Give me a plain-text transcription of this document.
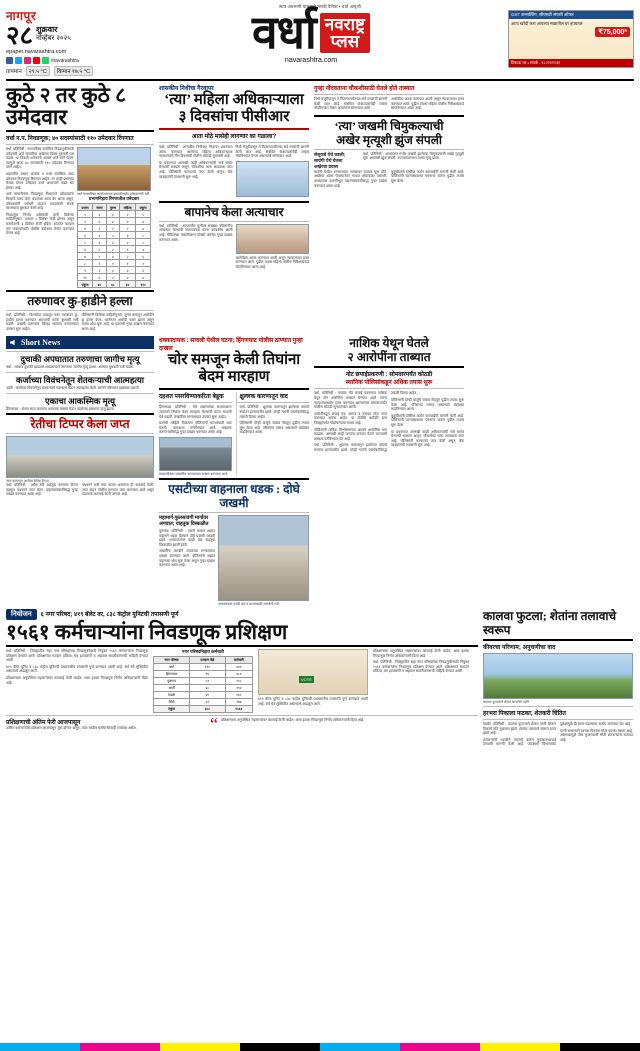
सत्य अग्रभागी चालणारे मराठी दैनिक • वर्धा आवृत्ती
नागपूर
२८ शुक्रवार
नोव्हेंबर २०२५
epaper.navarashtra.com
/navarashtra
तापमान	२९.५ °C	किमान १७.५ °C
वर्धा नवराष्ट्र
प्लस
navarashtra.com
GST कन्सल्टिंग, सीएसटी संपत्ती ऑफर
आता खरेदी करा आपल्या स्वप्नातील घर हप्त्यावर
₹75,000*
टिकाऊ घर • संपर्क : ९८२२१२२३१
कुठे २ तर कुठे ८ उमेदवार
वर्धा न.प. निवडणूक; ४० सदस्यांसाठी ११० उमेदवार रिंगणात

वर्धा, प्रतिनिधी : नगरपरिषद सार्वत्रिक निवडणुकीसाठी उमेदवारी अर्ज माघारीचा अखेरचा दिवस गुरुवारी पार पडला. या दिवशी अनेकांनी आपले अर्ज मागे घेतले. त्यामुळे आता ४० जागांसाठी ११० उमेदवार रिंगणात उरले आहेत.

शहरातील प्रभाग क्रमांक ४ मध्ये सर्वाधिक आठ उमेदवार निवडणूक रिंगणात आहेत. तर काही प्रभागांत केवळ दोनच उमेदवार उरले असल्याने लढत थेट होणार आहे.

अर्ज माघारीनंतर निवडणूक विभागाने उमेदवारांना चिन्हांचे वाटप केले. प्रचाराला आता वेग आला असून, उमेदवारांनी घरोघरी जाऊन मतदारांशी संपर्क साधण्यास सुरुवात केली आहे.

निवडणूक निर्णय अधिकारी यांनी दिलेल्या माहितीनुसार, मतदान २ डिसेंबर रोजी होणार असून मतमोजणी ३ डिसेंबर रोजी होईल. शांततेत मतदान पार पाडण्यासाठी पोलीस बंदोबस्त तैनात करण्यात येणार आहे.

वर्धा नगरपरिषद कार्यालयाच्या इमारतीसमोर उमेदवारांची गर्दी.
प्रभागनिहाय रिंगणातील उमेदवार
प्रभाग	जागा	पुरुष	महिला	एकूण
१	२	३	२	५
२	२	४	२	६
३	२	२	२	४
४	२	५	३	८
५	२	३	२	५
६	२	२	१	३
७	२	४	२	६
८	२	१	१	२
९	२	३	३	६
१०	२	२	२	४
एकूण	४०	६८	४२	११०
तरुणावर कु-हाडीने हल्ला

वर्धा, प्रतिनिधी : किरकोळ वादातून एका तरुणावर कु-हाडीने हल्ला करण्यात आल्याची घटना बुधवारी रात्री घडली. जखमी तरुणावर जिल्हा सामान्य रुग्णालयात उपचार सुरू आहेत.

पोलिसांनी दिलेल्या माहितीनुसार, जुन्या वादातून आरोपीने हा हल्ला केला. घटनेनंतर आरोपी फरार झाला असून त्याचा शोध सुरू आहे. या प्रकरणी गुन्हा दाखल करण्यात आला आहे.

शासकीय निधीचा गैरवापर
‘त्या’ महिला अधिकाऱ्याला ३ दिवसांचा पीसीआर
आता मोठे मासेही लागणार का गळाला?

वर्धा, प्रतिनिधी : शासकीय निधीच्या गैरवापर प्रकरणात अटक करण्यात आलेल्या महिला अधिकाऱ्याला न्यायालयाने तीन दिवसांची पोलीस कोठडी सुनावली आहे.

या प्रकरणात आणखी काही अधिकाऱ्यांची नावे समोर येण्याची शक्यता असून, चौकशीचा फास आवळला जात आहे. पोलिसांनी कागदपत्रे जप्त केली असून, बँक व्यवहारांची तपासणी सुरू आहे.

निधी मंजुरीपासून ते वितरणापर्यंतच्या सर्व टप्प्यांची छाननी केली जात आहे. संबंधित कंत्राटदारांचेही जबाब नोंदविण्यात येणार असल्याचे सांगण्यात आले.

बापानेच केला अत्याचार

वर्धा, प्रतिनिधी : अल्पवयीन मुलीवर सख्ख्या वडिलांनीच अत्याचार केल्याची संतापजनक घटना उघडकीस आली आहे. पीडितेच्या तक्रारीवरून पोक्सो अंतर्गत गुन्हा दाखल करण्यात आला.

आरोपीला अटक करण्यात आली असून न्यायालयात हजर करण्यात आले. पुढील तपास महिला पोलीस निरीक्षकांकडे सोपविण्यात आला आहे.

गुन्हा नोंदवताना चौकशीसाठी घेतले होते ताब्यात

निधी मंजुरीपासून ते वितरणापर्यंतच्या सर्व टप्प्यांची छाननी केली जात आहे. संबंधित कंत्राटदारांचेही जबाब नोंदविण्यात येणार असल्याचे सांगण्यात आले.

आरोपीला अटक करण्यात आली असून न्यायालयात हजर करण्यात आले. पुढील तपास महिला पोलीस निरीक्षकांकडे सोपविण्यात आला आहे.

‘त्या’ जखमी चिमुकल्याची
अखेर मृत्यूशी झुंज संपली
सेलूकडे येथे घडली;
सावंगी येथे घेतला
अखेरचा प्रवास

वर्धा, प्रतिनिधी : अपघातात गंभीर जखमी झालेल्या चिमुकल्याची अखेर मृत्यूशी सुरू असलेली झुंज संपली. उपचारादरम्यान त्याचा मृत्यू झाला.

सावंगी येथील रुग्णालयात त्याच्यावर उपचार सुरू होते. अखेरचा श्वास घेतल्यानंतर गावात शोककळा पसरली. अपघातास कारणीभूत वाहनचालकाविरुद्ध गुन्हा दाखल करण्यात आला आहे.

कुटुंबीयांनी दोषींवर कठोर कारवाईची मागणी केली आहे. पोलिसांनी घटनास्थळाचा पंचनामा करून पुढील तपास सुरू केला.

Short News
दुचाकी अपघातात तरुणाचा जागीच मृत्यू

वर्धा : भरधाव दुचाकी झाडावर आदळल्याने तरुणाचा जागीच मृत्यू झाला. अपघात बुधवारी रात्री घडला.

कर्जाच्या विवंचनेतून शेतकऱ्याची आत्महत्या

आर्वी : कर्जाच्या विवंचनेतून शेतकऱ्याने गळफास घेऊन आत्महत्या केली. घटनेने परिसरात खळबळ उडाली.

एकाचा आकस्मिक मृत्यू

हिंगणघाट : शेतात काम करताना अचानक चक्कर येऊन पडलेल्या इसमाचा मृत्यू झाला.

रेतीचा टिप्पर केला जप्त
जप्त करण्यात आलेला रेतीचा टिप्पर.

वर्धा, प्रतिनिधी : अवैध रेती वाहतूक करणारा टिप्पर महसूल पथकाने जप्त केला. वाहनचालकाविरुद्ध गुन्हा दाखल करण्यात आला आहे.

पथकाने रात्री गस्त घालत असताना ही कारवाई केली. जप्त वाहन पोलीस ठाण्यात जमा करण्यात आले असून दंडात्मक कारवाई केली जाणार आहे.

धक्कादायक : सावली येथील घटना; हिंगणघाट पोलीस ठाण्यात गुन्हा दाखल
चोर समजून केली तिघांना बेदम मारहाण
दहशत पसरविण्याकरिता बेडूक

हिंगणघाट, प्रतिनिधी : चोर असल्याच्या संशयावरून जमावाने तिघांना बेदम मारहाण केल्याची घटना सावली येथे घडली. जखमींवर रुग्णालयात उपचार सुरू आहेत.

घटनेची माहिती मिळताच पोलिसांनी घटनास्थळी धाव घेतली. जमावाला पांगविण्यात आले. मारहाण करणाऱ्यांविरुद्ध गुन्हा दाखल करण्यात आला आहे.

मारहाणीनंतर जखमींना रुग्णालयात दाखल करण्यात आले.
क्षुल्लक कारणातून वाद

वर्धा, प्रतिनिधी : क्षुल्लक कारणातून झालेल्या वादाचे रूपांतर हाणामारीत झाले. दोन्ही गटांनी एकमेकांविरुद्ध तक्रारी दिल्या आहेत.

पोलिसांनी दोन्ही बाजूंचे जबाब नोंदवून पुढील तपास सुरू केला आहे. परिसरात तणाव असल्याने बंदोबस्त वाढविण्यात आला.

एसटीच्या वाहनाला धडक : दोघे जखमी
महामार्ग-फुलसावंगी मार्गावर अपघात; वाहतूक विस्कळीत

पुलगाव, प्रतिनिधी : एसटी बसला अज्ञात वाहनाने धडक दिल्याने दोघे प्रवासी जखमी झाले. अपघातानंतर काही वेळ वाहतूक विस्कळीत झाली होती.

जखमींना तातडीने जवळच्या रुग्णालयात दाखल करण्यात आले. पोलिसांनी अज्ञात वाहनाचा शोध सुरू केला असून गुन्हा दाखल करण्यात आला आहे.

अपघातग्रस्त एसटी बस व घटनास्थळी जमलेली गर्दी.
नाशिक येथून घेतले
२ आरोपींना ताब्यात
नोट छपाईप्रकरणी : सोमवारपर्यंत कोठडी
स्थानिक पोलिसांकडून अधिक तपास सुरू

वर्धा, प्रतिनिधी : बनावट नोट छपाई प्रकरणात नाशिक येथून दोन आरोपींना ताब्यात घेण्यात आले. त्यांना न्यायालयासमोर हजर करण्यात आल्यानंतर सोमवारपर्यंत पोलीस कोठडी सुनावण्यात आली.

आरोपींकडून छपाई यंत्र, कागद व बनावट नोटा जप्त करण्यात आल्या आहेत. या टोळीचे धागेदोरे इतर जिल्ह्यांपर्यंत पोहोचल्याचा संशय आहे.

पोलिसांनी तांत्रिक विश्लेषणाच्या आधारे आरोपींचा माग काढला. आणखी काही जणांना ताब्यात घेतले जाण्याची शक्यता वर्तविण्यात येत आहे.

वर्धा, प्रतिनिधी : क्षुल्लक कारणातून झालेल्या वादाचे रूपांतर हाणामारीत झाले. दोन्ही गटांनी एकमेकांविरुद्ध तक्रारी दिल्या आहेत.

पोलिसांनी दोन्ही बाजूंचे जबाब नोंदवून पुढील तपास सुरू केला आहे. परिसरात तणाव असल्याने बंदोबस्त वाढविण्यात आला.

कुटुंबीयांनी दोषींवर कठोर कारवाईची मागणी केली आहे. पोलिसांनी घटनास्थळाचा पंचनामा करून पुढील तपास सुरू केला.

या प्रकरणात आणखी काही अधिकाऱ्यांची नावे समोर येण्याची शक्यता असून, चौकशीचा फास आवळला जात आहे. पोलिसांनी कागदपत्रे जप्त केली असून, बँक व्यवहारांची तपासणी सुरू आहे.

नियोजन	६ नगर परिषद; ४१९ बॅलेट वर, ८३८ कंट्रोल युनिटची तपासणी पूर्ण
१५६१ कर्मचाऱ्यांना निवडणूक प्रशिक्षण

वर्धा, प्रतिनिधी : जिल्ह्यातील सहा नगर परिषदांच्या निवडणुकीसाठी नियुक्त १५६१ कर्मचाऱ्यांना निवडणूक प्रशिक्षण देण्यात आले. प्रशिक्षणात मतदान प्रक्रिया, यंत्र हाताळणी व अहवाल सादरीकरणाची माहिती देण्यात आली.

४१९ बॅलेट युनिट व ८३८ कंट्रोल युनिटची प्रथमस्तरीय तपासणी पूर्ण करण्यात आली आहे. सर्व यंत्रे सुस्थितीत असल्याचे आढळून आले.

प्रशिक्षणाला अनुपस्थित राहणाऱ्यांवर कारवाई केली जाईल, असा इशारा निवडणूक निर्णय अधिकाऱ्यांनी दिला आहे.

नगर परिषदनिहाय कर्मचारी
नगर परिषद	मतदान केंद्रे	कर्मचारी
वर्धा	११०	४४०
हिंगणघाट	९६	३८४
पुलगाव	५२	२०८
आर्वी	४८	१९२
देवळी	४०	१६०
सिंदी	४२	१७७
एकूण	३८८	१५६१
VOTE

४१९ बॅलेट युनिट व ८३८ कंट्रोल युनिटची प्रथमस्तरीय तपासणी पूर्ण करण्यात आली आहे. सर्व यंत्रे सुस्थितीत असल्याचे आढळून आले.

प्रशिक्षणाला अनुपस्थित राहणाऱ्यांवर कारवाई केली जाईल, असा इशारा निवडणूक निर्णय अधिकाऱ्यांनी दिला आहे.

वर्धा, प्रतिनिधी : जिल्ह्यातील सहा नगर परिषदांच्या निवडणुकीसाठी नियुक्त १५६१ कर्मचाऱ्यांना निवडणूक प्रशिक्षण देण्यात आले. प्रशिक्षणात मतदान प्रक्रिया, यंत्र हाताळणी व अहवाल सादरीकरणाची माहिती देण्यात आली.

प्रशिक्षणाची अंतिम फेरी आजपासून

उर्वरित कर्मचाऱ्यांचे प्रशिक्षण आजपासून सुरू होणार असून, त्यात राखीव कर्मचाऱ्यांचाही समावेश असेल.	“ प्रशिक्षणाला अनुपस्थित राहणाऱ्यांवर कारवाई केली जाईल, असा इशारा निवडणूक निर्णय अधिकाऱ्यांनी दिला आहे.

कालवा फुटला; शेतांना तलावाचे स्वरूप
कीवरचा परिणाम; अनुचणीचा वाद
कालवा फुटल्याने शेतात साचलेले पाणी.
हरभरा पिकाला फटका; शेतकरी चिंतित

देवळी, प्रतिनिधी : कालवा फुटल्याने शेतात पाणी शिरून पिकांचे मोठे नुकसान झाले. शेतांना तलावाचे स्वरूप प्राप्त झाले आहे.

शेतकऱ्यांनी तातडीने पंचनामे करून नुकसानभरपाई देण्याची मागणी केली आहे. पाटबंधारे विभागाच्या दुर्लक्षामुळे ही घटना घडल्याचा आरोप करण्यात येत आहे.

पाणी साचल्याने हरभरा पिकाला मोठा फटका बसला आहे. ओलाव्यामुळे पीक कुजण्याची भीती शेतकऱ्यांना सतावत आहे.
